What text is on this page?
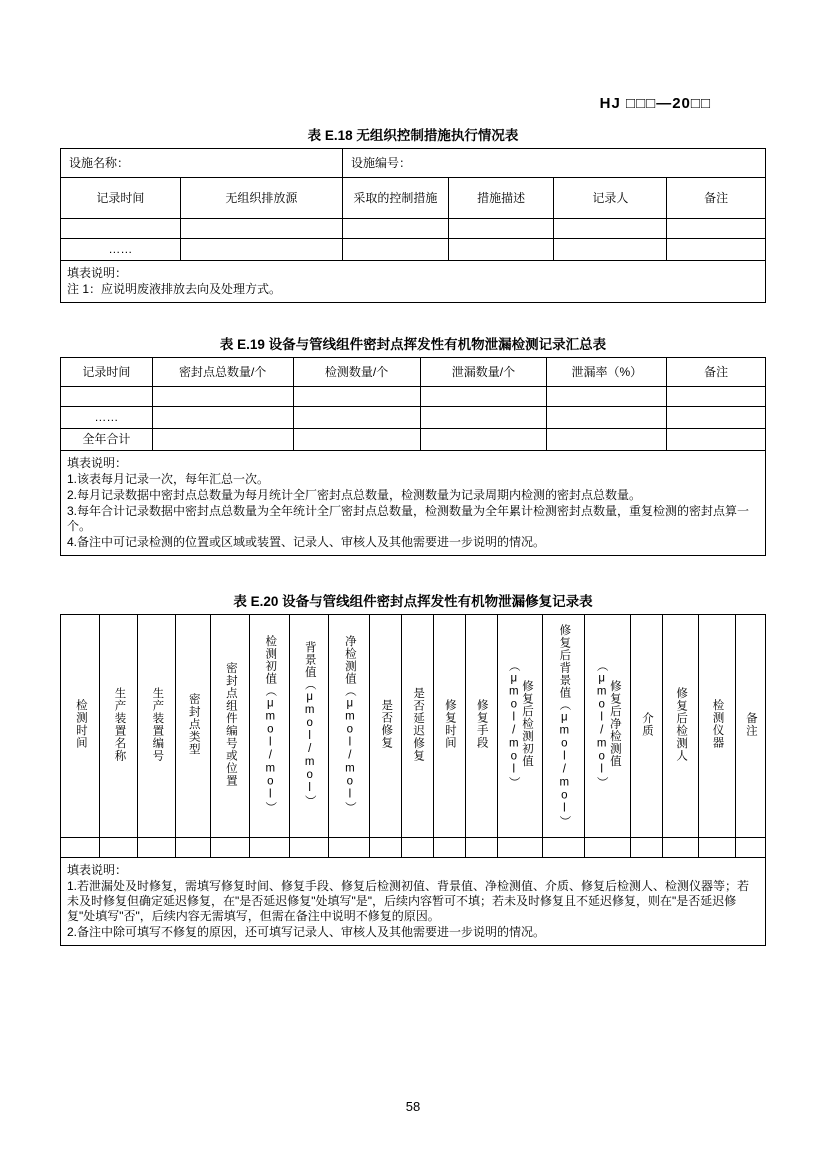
HJ □□□—20□□
表 E.18 无组织控制措施执行情况表
设施名称：		设施编号：			
记录时间	无组织排放源	采取的控制措施	措施描述	记录人	备注

……					

填表说明：
注 1：应说明废液排放去向及处理方式。					
表 E.19 设备与管线组件密封点挥发性有机物泄漏检测记录汇总表
记录时间	密封点总数量/个	检测数量/个	泄漏数量/个	泄漏率（%）	备注

……					
全年合计					

填表说明：
1.该表每月记录一次，每年汇总一次。
2.每月记录数据中密封点总数量为每月统计全厂密封点总数量，检测数量为记录周期内检测的密封点总数量。
3.每年合计记录数据中密封点总数量为全年统计全厂密封点总数量，检测数量为全年累计检测密封点数量，重复检测的密封点算一个。
4.备注中可记录检测的位置或区域或装置、记录人、审核人及其他需要进一步说明的情况。					
表 E.20 设备与管线组件密封点挥发性有机物泄漏修复记录表
检测时间	生产装置名称	生产装置编号	密封点类型	密封点组件编号或位置	检测初值（μmol/mol）	背景值（μmol/mol）	净检测值（μmol/mol）	是否修复	是否延迟修复	修复时间	修复手段	修复后检测初值（μmol/mol）	修复后背景值（μmol/mol）	修复后净检测值（μmol/mol）	介质	修复后检测人	检测仪器	备注

填表说明：
1.若泄漏处及时修复，需填写修复时间、修复手段、修复后检测初值、背景值、净检测值、介质、修复后检测人、检测仪器等；若未及时修复但确定延迟修复，在"是否延迟修复"处填写"是"，后续内容暂可不填；若未及时修复且不延迟修复，则在"是否延迟修复"处填写"否"，后续内容无需填写，但需在备注中说明不修复的原因。
2.备注中除可填写不修复的原因，还可填写记录人、审核人及其他需要进一步说明的情况。																		
58
